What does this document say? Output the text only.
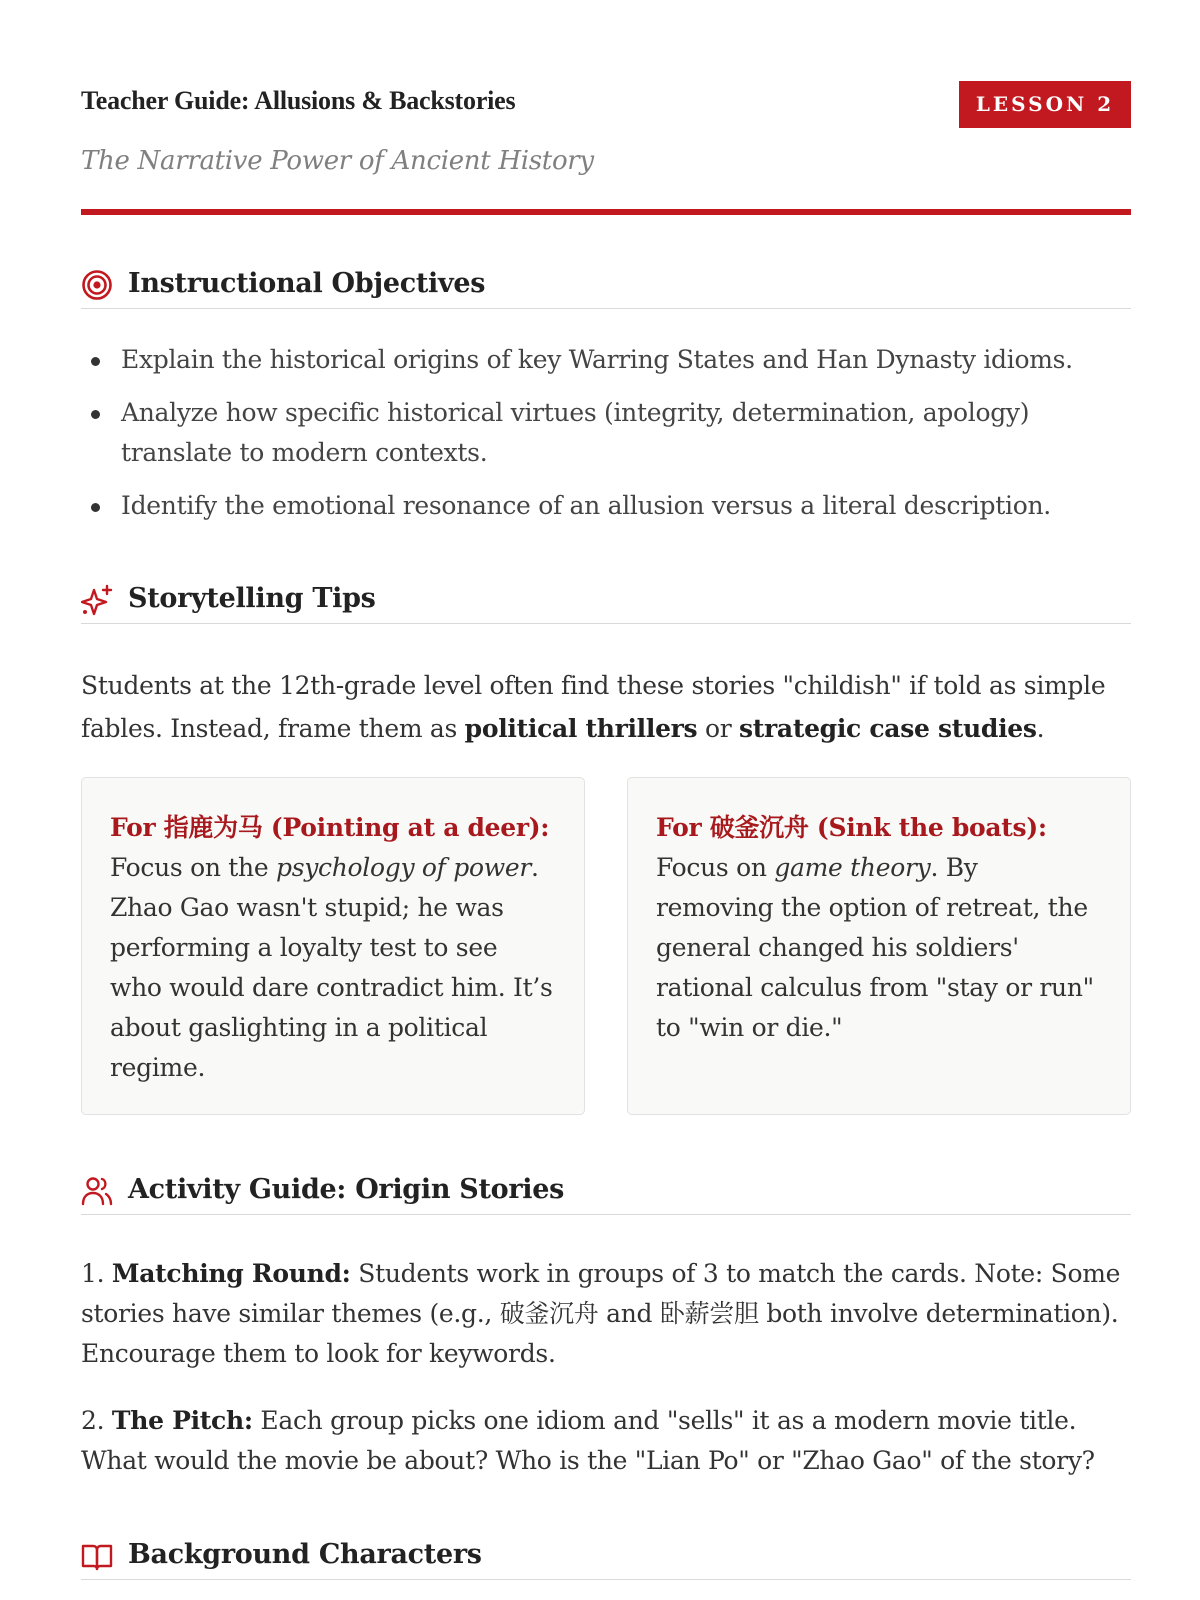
Teacher Guide: Allusions & Backstories	LESSON 2
The Narrative Power of Ancient History
Instructional Objectives
Explain the historical origins of key Warring States and Han Dynasty idioms.
Analyze how specific historical virtues (integrity, determination, apology) translate to modern contexts.
Identify the emotional resonance of an allusion versus a literal description.
Storytelling Tips

Students at the 12th-grade level often find these stories "childish" if told as simple fables. Instead, frame them as political thrillers or strategic case studies.

For 指鹿为马 (Pointing at a deer):
Focus on the psychology of power. Zhao Gao wasn't stupid; he was performing a loyalty test to see who would dare contradict him. It’s about gaslighting in a political regime.
For 破釜沉舟 (Sink the boats):
Focus on game theory. By removing the option of retreat, the general changed his soldiers' rational calculus from "stay or run" to "win or die."
Activity Guide: Origin Stories

1. Matching Round: Students work in groups of 3 to match the cards. Note: Some stories have similar themes (e.g., 破釜沉舟 and 卧薪尝胆 both involve determination). Encourage them to look for keywords.

2. The Pitch: Each group picks one idiom and "sells" it as a modern movie title. What would the movie be about? Who is the "Lian Po" or "Zhao Gao" of the story?

Background Characters
